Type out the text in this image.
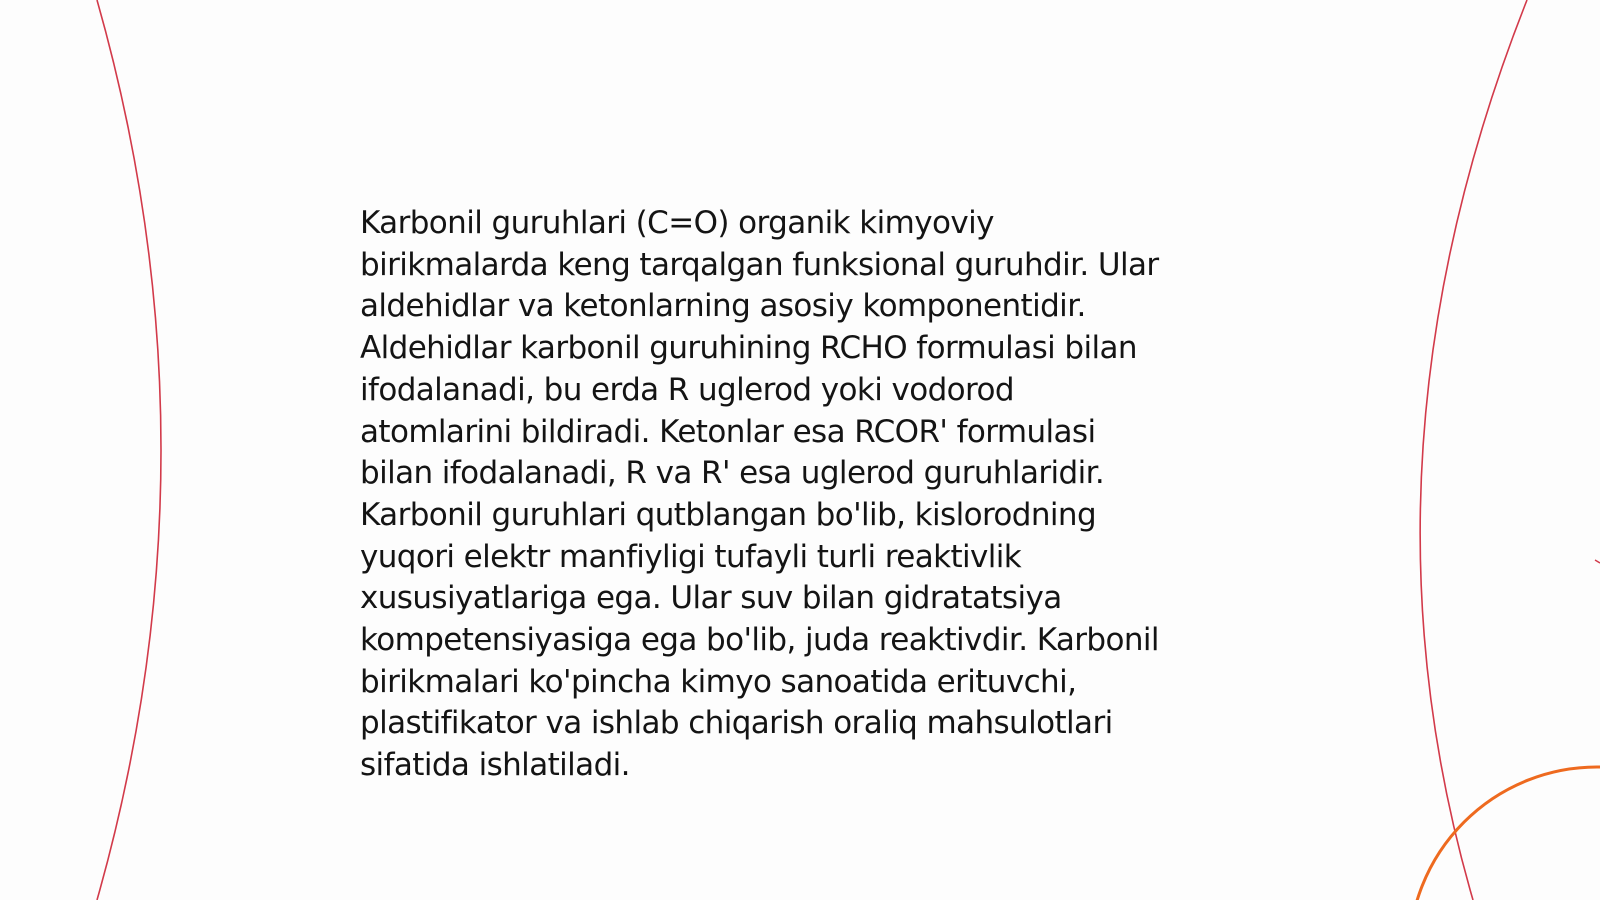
Karbonil guruhlari (C=O) organik kimyoviy
birikmalarda keng tarqalgan funksional guruhdir. Ular
aldehidlar va ketonlarning asosiy komponentidir.
Aldehidlar karbonil guruhining RCHO formulasi bilan
ifodalanadi, bu erda R uglerod yoki vodorod
atomlarini bildiradi. Ketonlar esa RCOR' formulasi
bilan ifodalanadi, R va R' esa uglerod guruhlaridir.
Karbonil guruhlari qutblangan bo'lib, kislorodning
yuqori elektr manfiyligi tufayli turli reaktivlik
xususiyatlariga ega. Ular suv bilan gidratatsiya
kompetensiyasiga ega bo'lib, juda reaktivdir. Karbonil
birikmalari ko'pincha kimyo sanoatida erituvchi,
plastifikator va ishlab chiqarish oraliq mahsulotlari
sifatida ishlatiladi.
